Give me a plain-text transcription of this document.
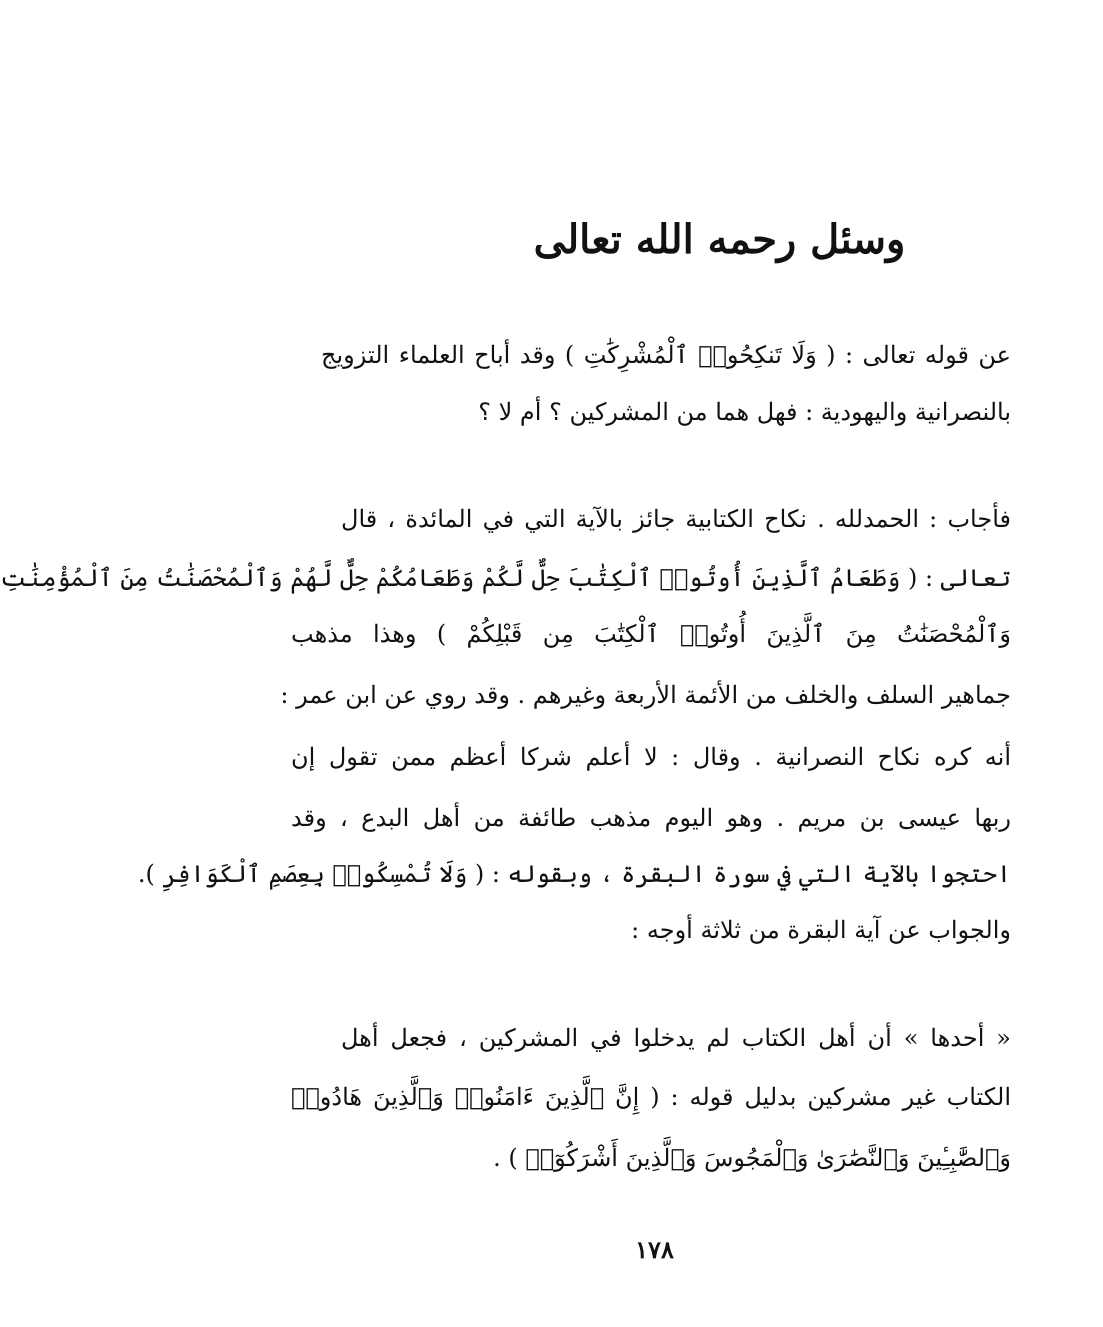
وسئل رحمه الله تعالى
عن قوله تعالى : ( وَلَا تَنكِحُوا۟ ٱلْمُشْرِكَٰتِ ) وقد أباح العلماء التزويج
بالنصرانية واليهودية : فهل هما من المشركين ؟ أم لا ؟
فأجاب : الحمدلله . نكاح الكتابية جائز بالآية التي في المائدة ، قال
تعالى : ( وَطَعَامُ ٱلَّذِينَ أُوتُوا۟ ٱلْكِتَٰبَ حِلٌّ لَّكُمْ وَطَعَامُكُمْ حِلٌّ لَّهُمْ وَٱلْمُحْصَنَٰتُ مِنَ ٱلْمُؤْمِنَٰتِ
وَٱلْمُحْصَنَٰتُ مِنَ ٱلَّذِينَ أُوتُوا۟ ٱلْكِتَٰبَ مِن قَبْلِكُمْ ) وهذا مذهب
جماهير السلف والخلف من الأئمة الأربعة وغيرهم . وقد روي عن ابن عمر :
أنه كره نكاح النصرانية . وقال : لا أعلم شركا أعظم ممن تقول إن
ربها عيسى بن مريم . وهو اليوم مذهب طائفة من أهل البدع ، وقد
احتجوا بالآية التي في سورة البقرة ، وبقوله : ( وَلَا تُمْسِكُوا۟ بِعِصَمِ ٱلْكَوَافِرِ ).
والجواب عن آية البقرة من ثلاثة أوجه :
« أحدها » أن أهل الكتاب لم يدخلوا في المشركين ، فجعل أهل
الكتاب غير مشركين بدليل قوله : ( إِنَّ ٱلَّذِينَ ءَامَنُوا۟ وَٱلَّذِينَ هَادُوا۟
وَٱلصَّٰبِـِٔينَ وَٱلنَّصَٰرَىٰ وَٱلْمَجُوسَ وَٱلَّذِينَ أَشْرَكُوٓا۟ ) .
١٧٨
